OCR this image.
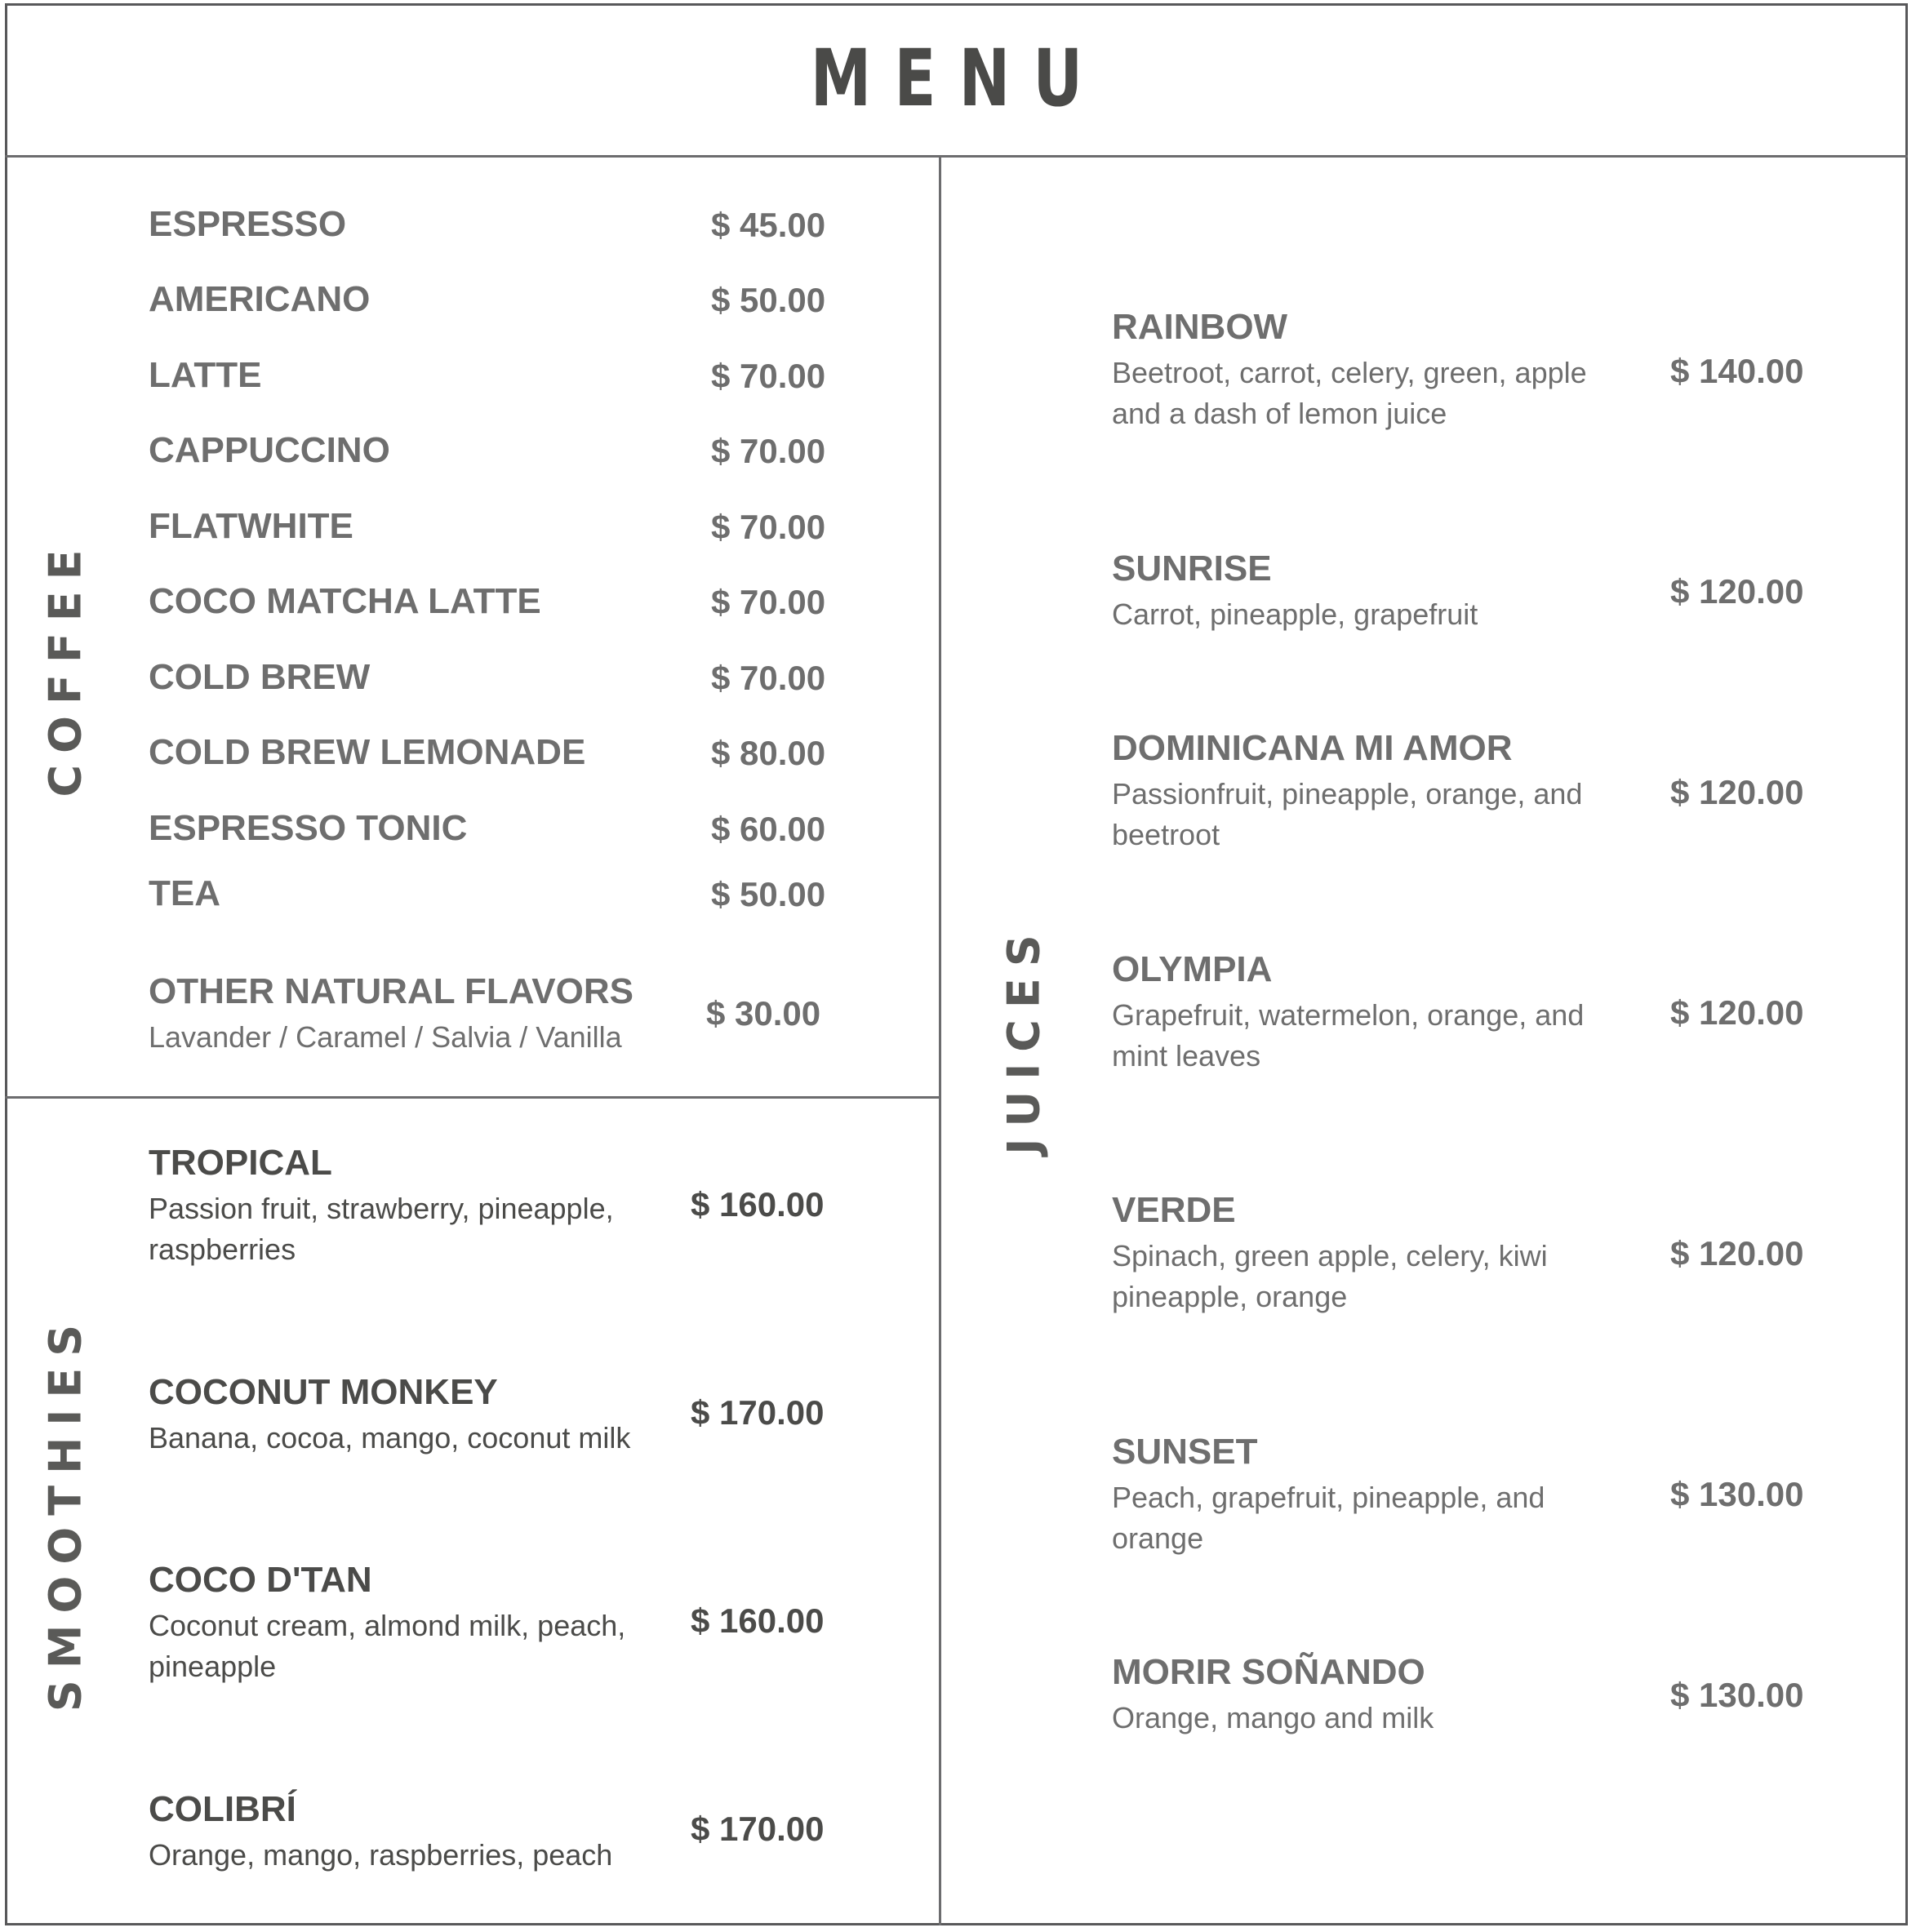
MENU
COFFEE
SMOOTHIES
JUICES
ESPRESSO	$ 45.00
AMERICANO	$ 50.00
LATTE	$ 70.00
CAPPUCCINO	$ 70.00
FLATWHITE	$ 70.00
COCO MATCHA LATTE	$ 70.00
COLD BREW	$ 70.00
COLD BREW LEMONADE	$ 80.00
ESPRESSO TONIC	$ 60.00
TEA	$ 50.00
OTHER NATURAL FLAVORS
Lavander / Caramel / Salvia / Vanilla
$ 30.00
TROPICAL
Passion fruit, strawberry, pineapple, raspberries
$ 160.00
COCONUT MONKEY
Banana, cocoa, mango, coconut milk
$ 170.00
COCO D'TAN
Coconut cream, almond milk, peach, pineapple
$ 160.00
COLIBRÍ
Orange, mango, raspberries, peach
$ 170.00
RAINBOW
Beetroot, carrot, celery, green, apple and a dash of lemon juice
$ 140.00
SUNRISE
Carrot, pineapple, grapefruit
$ 120.00
DOMINICANA MI AMOR
Passionfruit, pineapple, orange, and beetroot
$ 120.00
OLYMPIA
Grapefruit, watermelon, orange, and mint leaves
$ 120.00
VERDE
Spinach, green apple, celery, kiwi pineapple, orange
$ 120.00
SUNSET
Peach, grapefruit, pineapple, and orange
$ 130.00
MORIR SOÑANDO
Orange, mango and milk
$ 130.00
